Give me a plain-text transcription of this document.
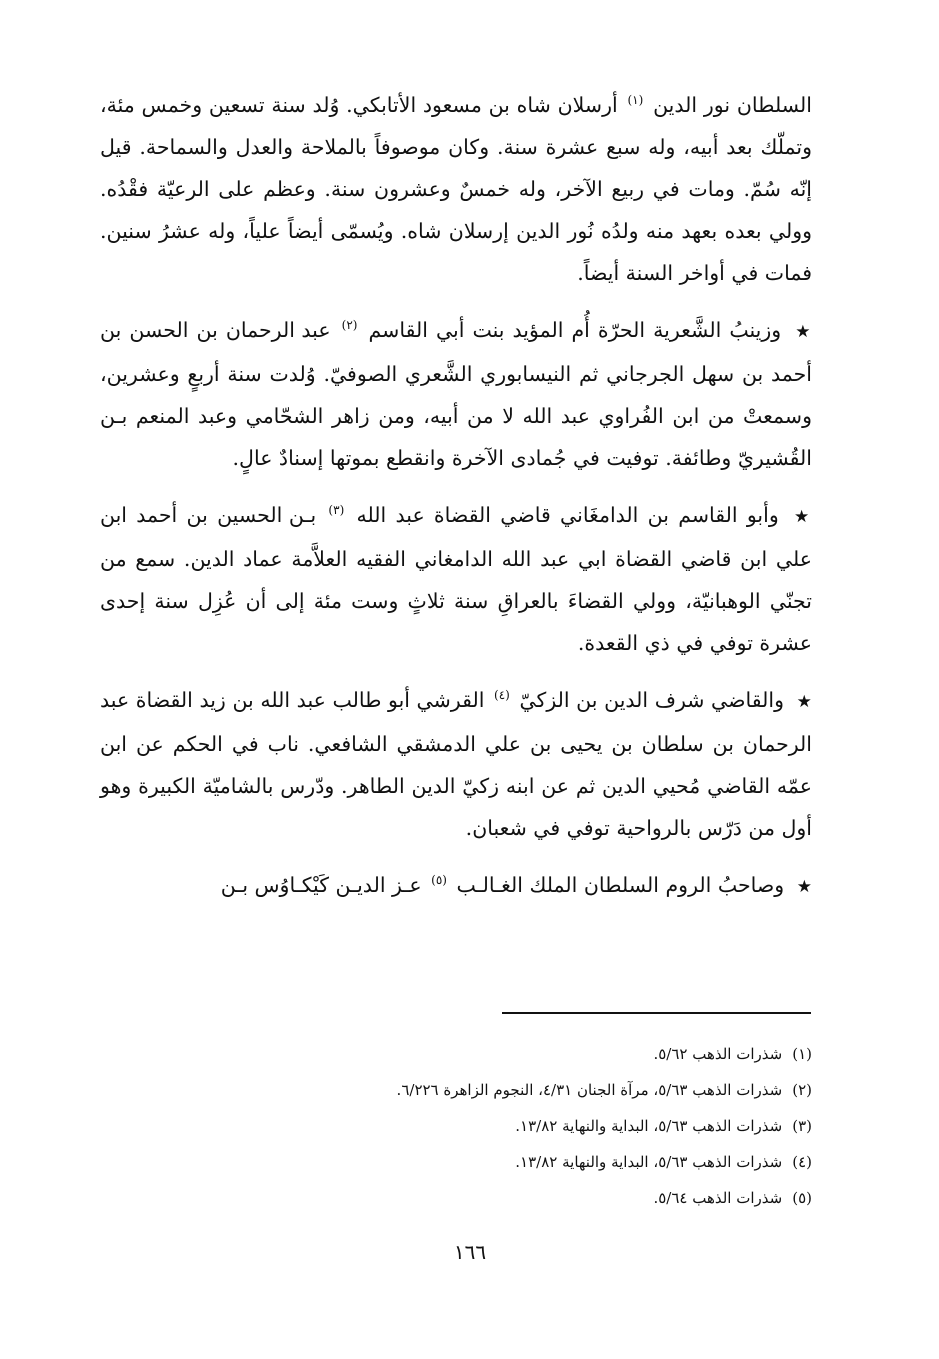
السلطان نور الدين $^{(١)}$ أرسلان شاه بن مسعود الأتابكي. وُلد سنة تسعين وخمس مئة، وتملّك بعد أبيه، وله سبع عشرة سنة. وكان موصوفاً بالملاحة والعدل والسماحة. قيل إنّه سُمّ. ومات في ربيع الآخر، وله خمسٌ وعشرون سنة. وعظم على الرعيّة فقْدُه. وولي بعده بعهد منه ولدُه نُور الدين إرسلان شاه. ويُسمّى أيضاً علياً، وله عشرُ سنين. فمات في أواخر السنة أيضاً.

★ وزينبُ الشَّعرية الحرّة أُم المؤيد بنت أبي القاسم $^{(٢)}$ عبد الرحمان بن الحسن بن أحمد بن سهل الجرجاني ثم النيسابوري الشَّعري الصوفيّ. وُلدت سنة أربعٍ وعشرين، وسمعتْ من ابن الفُراوي عبد الله لا من أبيه، ومن زاهر الشحّامي وعبد المنعم بـن القُشيريّ وطائفة. توفيت في جُمادى الآخرة وانقطع بموتها إسنادٌ عالٍ.

★ وأبو القاسم بن الدامغَاني قاضي القضاة عبد الله $^{(٣)}$ بـن الحسين بن أحمد ابن علي ابن قاضي القضاة ابي عبد الله الدامغاني الفقيه العلاَّمة عماد الدين. سمع من تجنّي الوهبانيّة، وولي القضاءَ بالعراقِ سنة ثلاثٍ وست مئة إلى أن عُزِل سنة إحدى عشرة توفي في ذي القعدة.

★ والقاضي شرف الدين بن الزكيّ $^{(٤)}$ القرشي أبو طالب عبد الله بن زيد القضاة عبد الرحمان بن سلطان بن يحيى بن علي الدمشقي الشافعي. ناب في الحكم عن ابن عمّه القاضي مُحيي الدين ثم عن ابنه زكيّ الدين الطاهر. ودّرس بالشاميّة الكبيرة وهو أول من دَرّس بالرواحية توفي في شعبان.

★ وصاحبُ الروم السلطان الملك الغـالـب $^{(٥)}$ عـز الديـن كَيْكـاوُس بـن

(١)شذرات الذهب ٥/٦٢.
(٢)شذرات الذهب ٥/٦٣، مرآة الجنان ٤/٣١، النجوم الزاهرة ٦/٢٢٦.
(٣)شذرات الذهب ٥/٦٣، البداية والنهاية ١٣/٨٢.
(٤)شذرات الذهب ٥/٦٣، البداية والنهاية ١٣/٨٢.
(٥)شذرات الذهب ٥/٦٤.
١٦٦
